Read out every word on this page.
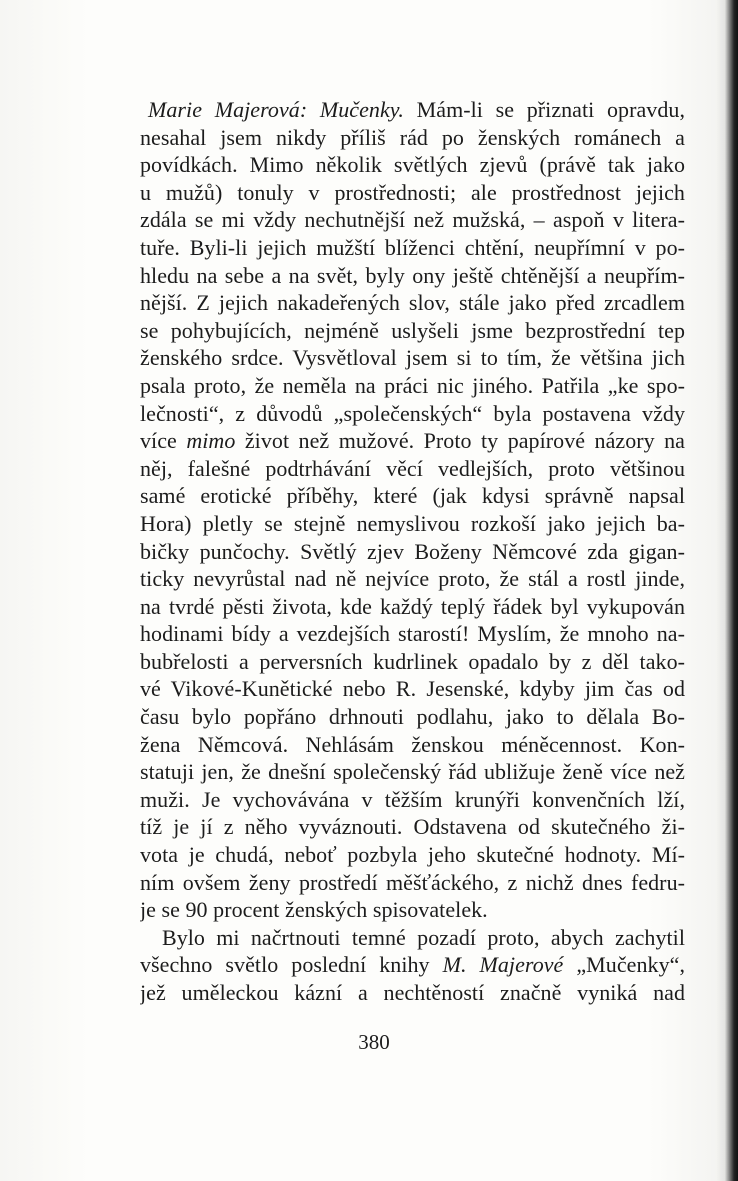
Marie Majerová: Mučenky. Mám-li se přiznati opravdu,
nesahal jsem nikdy příliš rád po ženských románech a
povídkách. Mimo několik světlých zjevů (právě tak jako
u mužů) tonuly v prostřednosti; ale prostřednost jejich
zdála se mi vždy nechutnější než mužská, – aspoň v litera-
tuře. Byli-li jejich mužští blíženci chtění, neupřímní v po-
hledu na sebe a na svět, byly ony ještě chtěnější a neupřím-
nější. Z jejich nakadeřených slov, stále jako před zrcadlem
se pohybujících, nejméně uslyšeli jsme bezprostřední tep
ženského srdce. Vysvětloval jsem si to tím, že většina jich
psala proto, že neměla na práci nic jiného. Patřila „ke spo-
lečnosti“, z důvodů „společenských“ byla postavena vždy
více mimo život než mužové. Proto ty papírové názory na
něj, falešné podtrhávání věcí vedlejších, proto většinou
samé erotické příběhy, které (jak kdysi správně napsal
Hora) pletly se stejně nemyslivou rozkoší jako jejich ba-
bičky punčochy. Světlý zjev Boženy Němcové zda gigan-
ticky nevyrůstal nad ně nejvíce proto, že stál a rostl jinde,
na tvrdé pěsti života, kde každý teplý řádek byl vykupován
hodinami bídy a vezdejších starostí! Myslím, že mnoho na-
bubřelosti a perversních kudrlinek opadalo by z děl tako-
vé Vikové-Kunětické nebo R. Jesenské, kdyby jim čas od
času bylo popřáno drhnouti podlahu, jako to dělala Bo-
žena Němcová. Nehlásám ženskou méněcennost. Kon-
statuji jen, že dnešní společenský řád ubližuje ženě více než
muži. Je vychovávána v těžším krunýři konvenčních lží,
tíž je jí z něho vyváznouti. Odstavena od skutečného ži-
vota je chudá, neboť pozbyla jeho skutečné hodnoty. Mí-
ním ovšem ženy prostředí měšťáckého, z nichž dnes fedru-
je se 90 procent ženských spisovatelek.
Bylo mi načrtnouti temné pozadí proto, abych zachytil
všechno světlo poslední knihy M. Majerové „Mučenky“,
jež uměleckou kázní a nechtěností značně vyniká nad
380
